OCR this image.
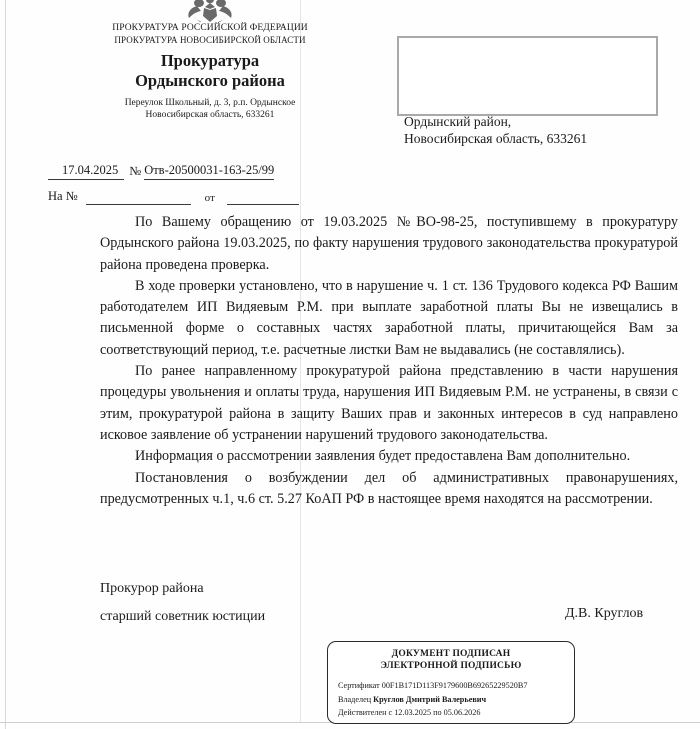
ПРОКУРАТУРА РОССИЙСКОЙ ФЕДЕРАЦИИ
ПРОКУРАТУРА НОВОСИБИРСКОЙ ОБЛАСТИ
Прокуратура
Ордынского района
Переулок Школьный, д. 3, р.п. Ордынское
Новосибирская область, 633261
17.04.2025 № Отв-20500031-163-25/99
На №	от
Ордынский район,
Новосибирская область, 633261

По Вашему обращению от 19.03.2025 №ВО-98-25, поступившему в прокуратуру Ордынского района 19.03.2025, по факту нарушения трудового законодательства прокуратурой района проведена проверка.

В ходе проверки установлено, что в нарушение ч. 1 ст. 136 Трудового кодекса РФ Вашим работодателем ИП Видяевым Р.М. при выплате заработной платы Вы не извещались в письменной форме о составных частях заработной платы, причитающейся Вам за соответствующий период, т.е. расчетные листки Вам не выдавались (не составлялись).

По ранее направленному прокуратурой района представлению в части нарушения процедуры увольнения и оплаты труда, нарушения ИП Видяевым Р.М. не устранены, в связи с этим, прокуратурой района в защиту Ваших прав и законных интересов в суд направлено исковое заявление об устранении нарушений трудового законодательства.

Информация о рассмотрении заявления будет предоставлена Вам дополнительно.

Постановления о возбуждении дел об административных правонарушениях, предусмотренных ч.1, ч.6 ст. 5.27 КоАП РФ в настоящее время находятся на рассмотрении.

Прокурор района
старший советник юстиции	Д.В. Круглов
ДОКУМЕНТ ПОДПИСАН
ЭЛЕКТРОННОЙ ПОДПИСЬЮ
Сертификат 00F1B171D113F9179600B69265229520B7
Владелец Круглов Дмитрий Валерьевич
Действителен с 12.03.2025 по 05.06.2026
